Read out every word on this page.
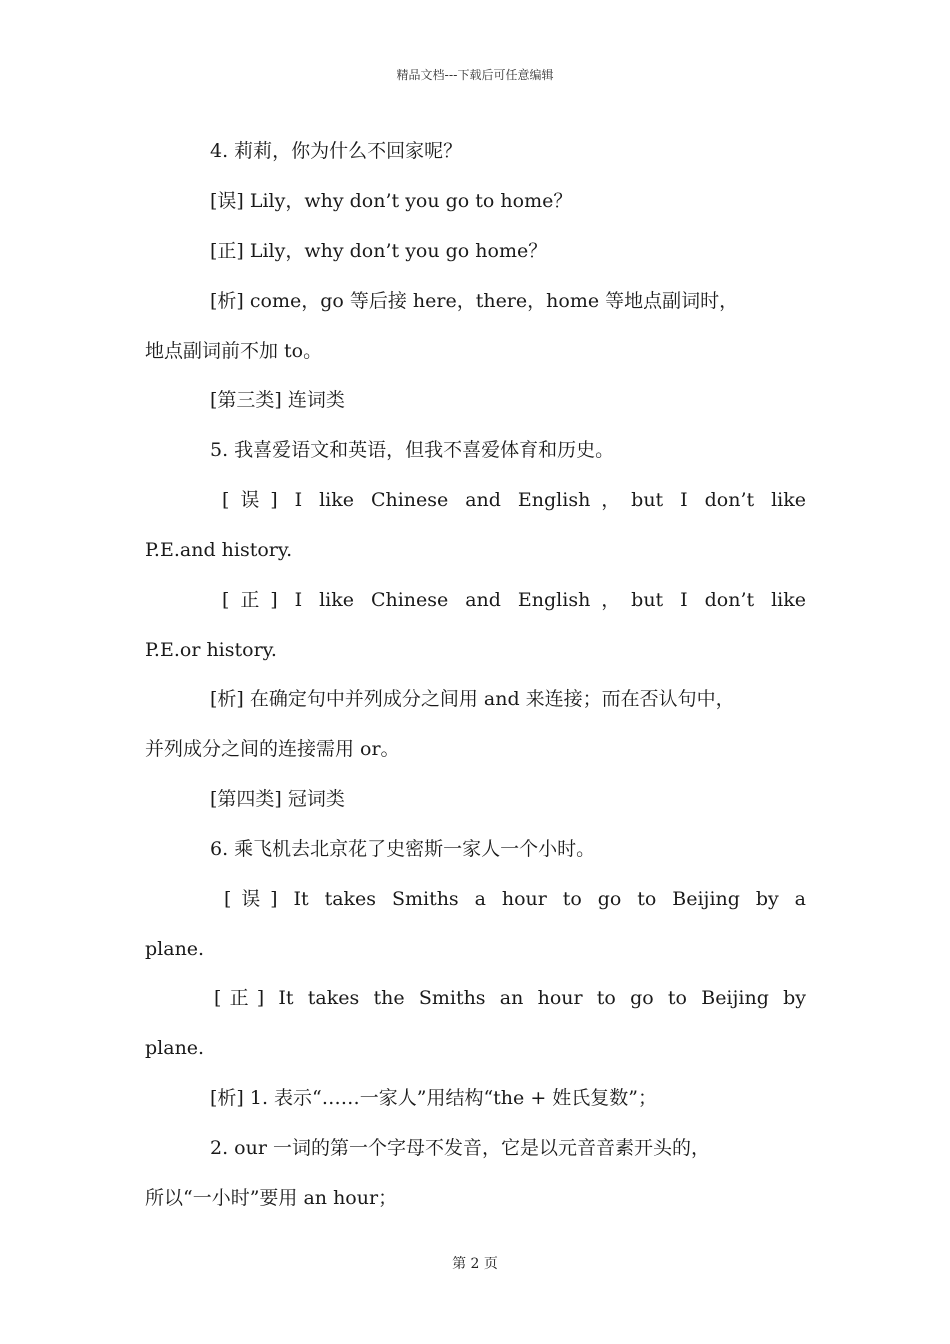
精品文档---下载后可任意编辑
4. 莉莉，你为什么不回家呢？
[误] Lily，why don’t you go to home？
[正] Lily，why don’t you go home？
[析] come，go 等后接 here，there，home 等地点副词时，
地点副词前不加 to。
[第三类] 连词类
5. 我喜爱语文和英语，但我不喜爱体育和历史。
[误] I like Chinese and English，but I don’t like
P.E.and history.
[正] I like Chinese and English，but I don’t like
P.E.or history.
[析] 在确定句中并列成分之间用 and 来连接；而在否认句中，
并列成分之间的连接需用 or。
[第四类] 冠词类
6. 乘飞机去北京花了史密斯一家人一个小时。
[误] It takes Smiths a hour to go to Beijing by a
plane.
[正] It takes the Smiths an hour to go to Beijing by
plane.
[析] 1. 表示“……一家人”用结构“the + 姓氏复数”；
2. our 一词的第一个字母不发音，它是以元音音素开头的，
所以“一小时”要用 an hour；
第 2 页
